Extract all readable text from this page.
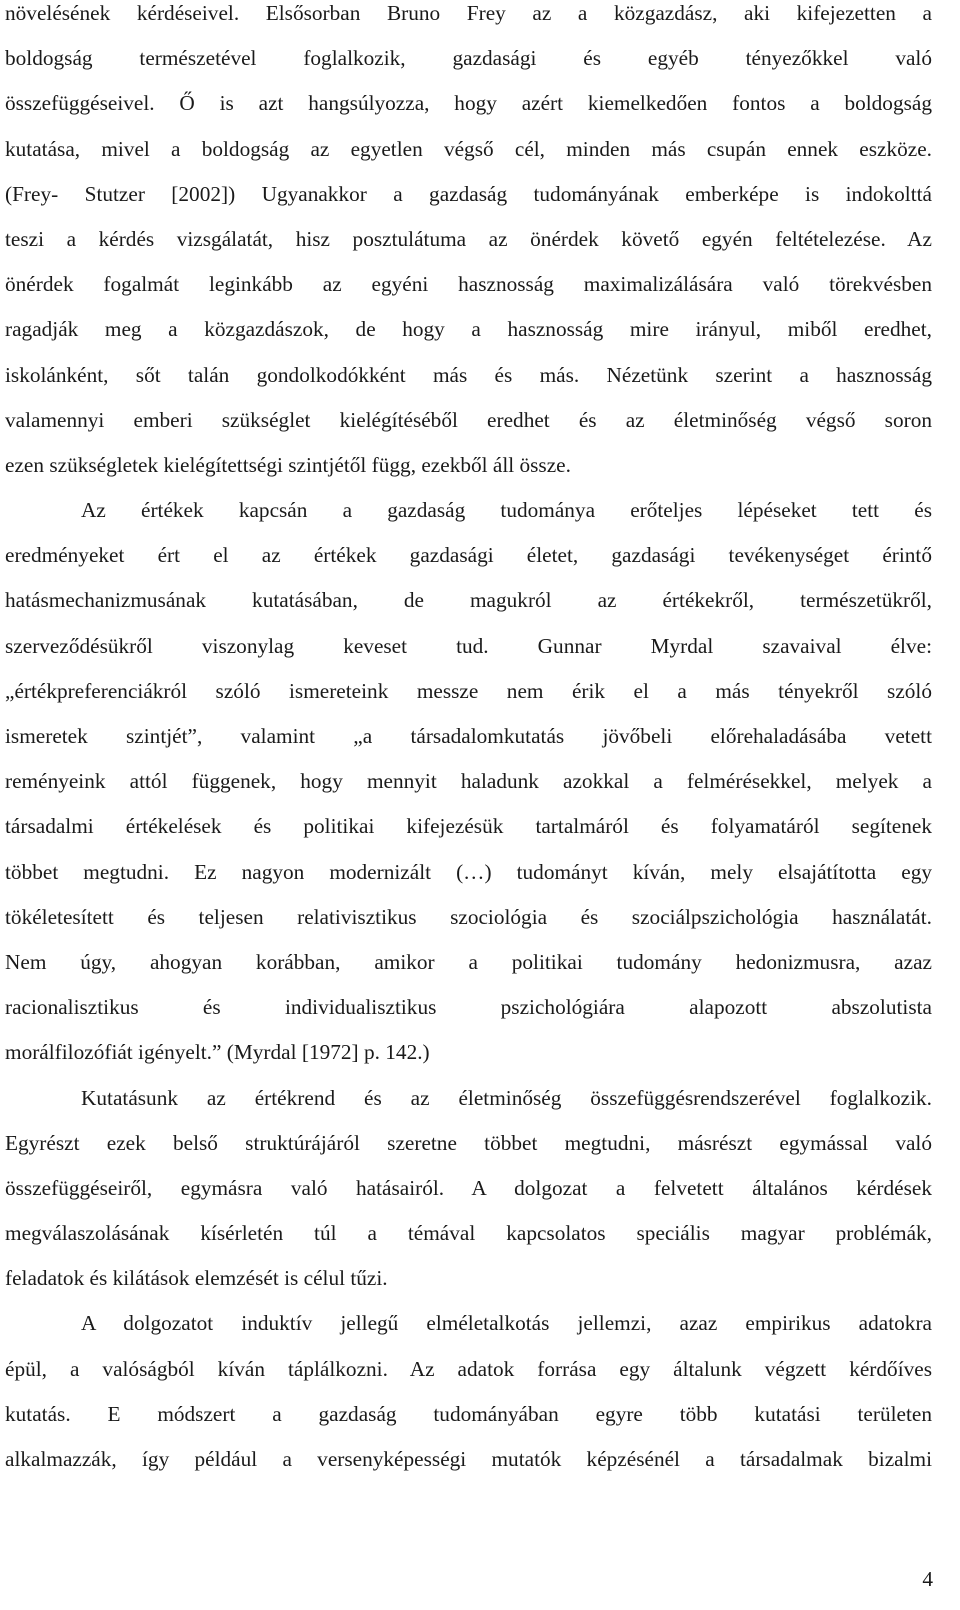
növelésének kérdéseivel. Elsősorban Bruno Frey az a közgazdász, aki kifejezetten a
boldogság természetével foglalkozik, gazdasági és egyéb tényezőkkel való
összefüggéseivel. Ő is azt hangsúlyozza, hogy azért kiemelkedően fontos a boldogság
kutatása, mivel a boldogság az egyetlen végső cél, minden más csupán ennek eszköze.
(Frey- Stutzer [2002]) Ugyanakkor a gazdaság tudományának emberképe is indokolttá
teszi a kérdés vizsgálatát, hisz posztulátuma az önérdek követő egyén feltételezése. Az
önérdek fogalmát leginkább az egyéni hasznosság maximalizálására való törekvésben
ragadják meg a közgazdászok, de hogy a hasznosság mire irányul, miből eredhet,
iskolánként, sőt talán gondolkodókként más és más. Nézetünk szerint a hasznosság
valamennyi emberi szükséglet kielégítéséből eredhet és az életminőség végső soron
ezen szükségletek kielégítettségi szintjétől függ, ezekből áll össze.
Az értékek kapcsán a gazdaság tudománya erőteljes lépéseket tett és
eredményeket ért el az értékek gazdasági életet, gazdasági tevékenységet érintő
hatásmechanizmusának kutatásában, de magukról az értékekről, természetükről,
szerveződésükről viszonylag keveset tud. Gunnar Myrdal szavaival élve:
„értékpreferenciákról szóló ismereteink messze nem érik el a más tényekről szóló
ismeretek szintjét”, valamint „a társadalomkutatás jövőbeli előrehaladásába vetett
reményeink attól függenek, hogy mennyit haladunk azokkal a felmérésekkel, melyek a
társadalmi értékelések és politikai kifejezésük tartalmáról és folyamatáról segítenek
többet megtudni. Ez nagyon modernizált (…) tudományt kíván, mely elsajátította egy
tökéletesített és teljesen relativisztikus szociológia és szociálpszichológia használatát.
Nem úgy, ahogyan korábban, amikor a politikai tudomány hedonizmusra, azaz
racionalisztikus és individualisztikus pszichológiára alapozott abszolutista
morálfilozófiát igényelt.” (Myrdal [1972] p. 142.)
Kutatásunk az értékrend és az életminőség összefüggésrendszerével foglalkozik.
Egyrészt ezek belső struktúrájáról szeretne többet megtudni, másrészt egymással való
összefüggéseiről, egymásra való hatásairól. A dolgozat a felvetett általános kérdések
megválaszolásának kísérletén túl a témával kapcsolatos speciális magyar problémák,
feladatok és kilátások elemzését is célul tűzi.
A dolgozatot induktív jellegű elméletalkotás jellemzi, azaz empirikus adatokra
épül, a valóságból kíván táplálkozni. Az adatok forrása egy általunk végzett kérdőíves
kutatás. E módszert a gazdaság tudományában egyre több kutatási területen
alkalmazzák, így például a versenyképességi mutatók képzésénél a társadalmak bizalmi
4
